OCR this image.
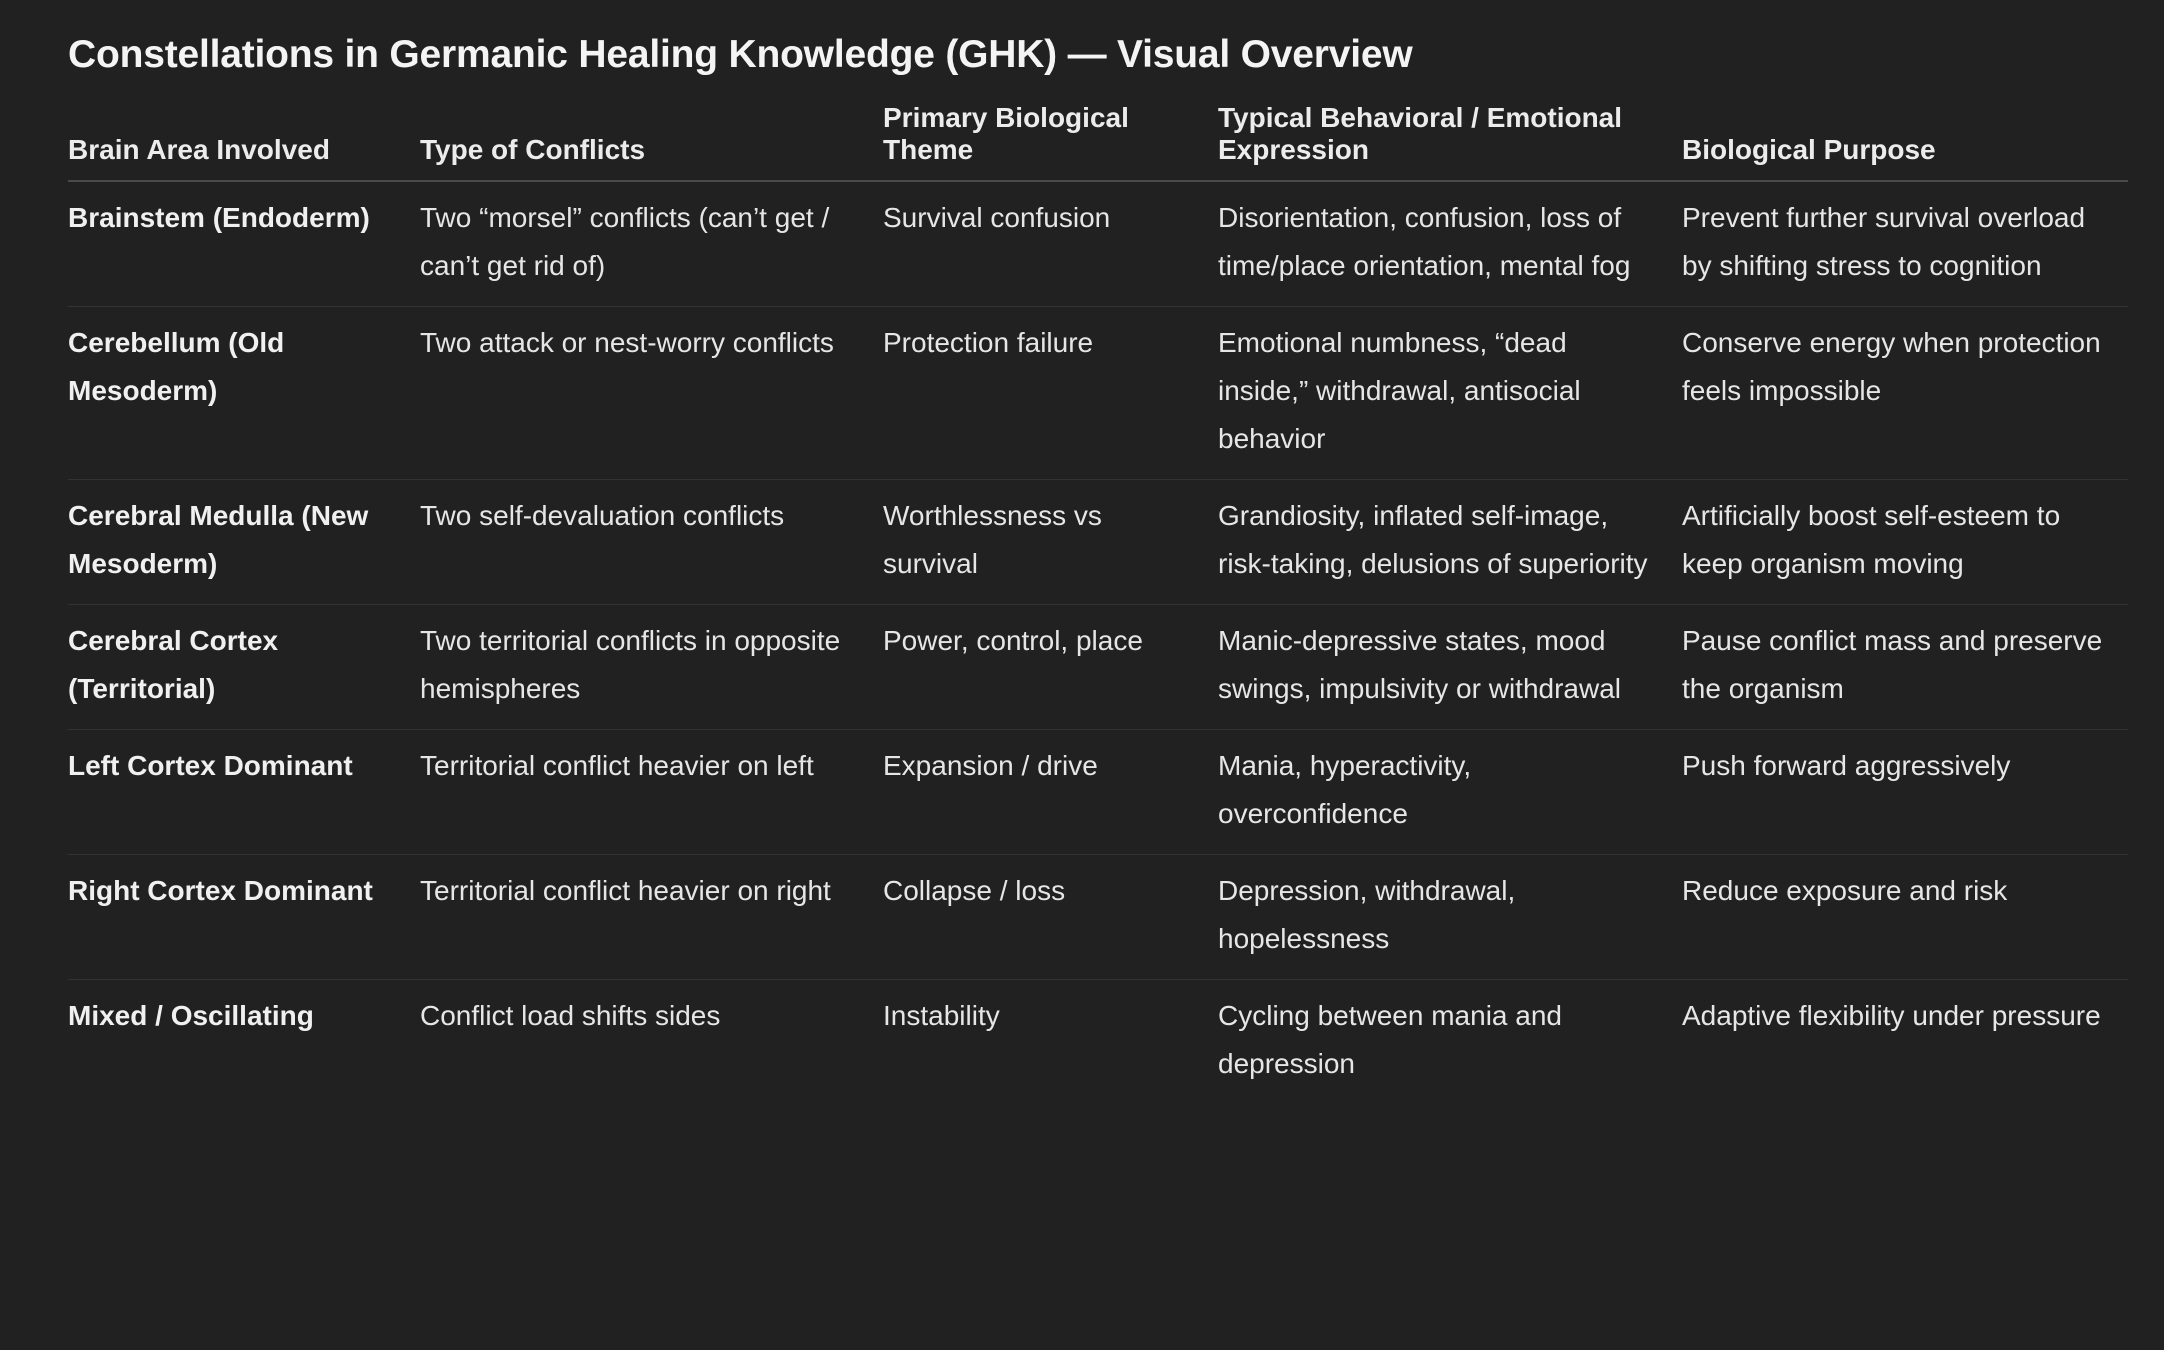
Constellations in Germanic Healing Knowledge (GHK) — Visual Overview
Brain Area Involved	Type of Conflicts	Primary Biological Theme	Typical Behavioral / Emotional Expression	Biological Purpose
Brainstem (Endoderm)	Two “morsel” conflicts (can’t get / can’t get rid of)	Survival confusion	Disorientation, confusion, loss of time/place orientation, mental fog	Prevent further survival overload by shifting stress to cognition
Cerebellum (Old Mesoderm)	Two attack or nest-worry conflicts	Protection failure	Emotional numbness, “dead inside,” withdrawal, antisocial behavior	Conserve energy when protection feels impossible
Cerebral Medulla (New Mesoderm)	Two self-devaluation conflicts	Worthlessness vs survival	Grandiosity, inflated self-image, risk-taking, delusions of superiority	Artificially boost self-esteem to keep organism moving
Cerebral Cortex (Territorial)	Two territorial conflicts in opposite hemispheres	Power, control, place	Manic-depressive states, mood swings, impulsivity or withdrawal	Pause conflict mass and preserve the organism
Left Cortex Dominant	Territorial conflict heavier on left	Expansion / drive	Mania, hyperactivity, overconfidence	Push forward aggressively
Right Cortex Dominant	Territorial conflict heavier on right	Collapse / loss	Depression, withdrawal, hopelessness	Reduce exposure and risk
Mixed / Oscillating	Conflict load shifts sides	Instability	Cycling between mania and depression	Adaptive flexibility under pressure
